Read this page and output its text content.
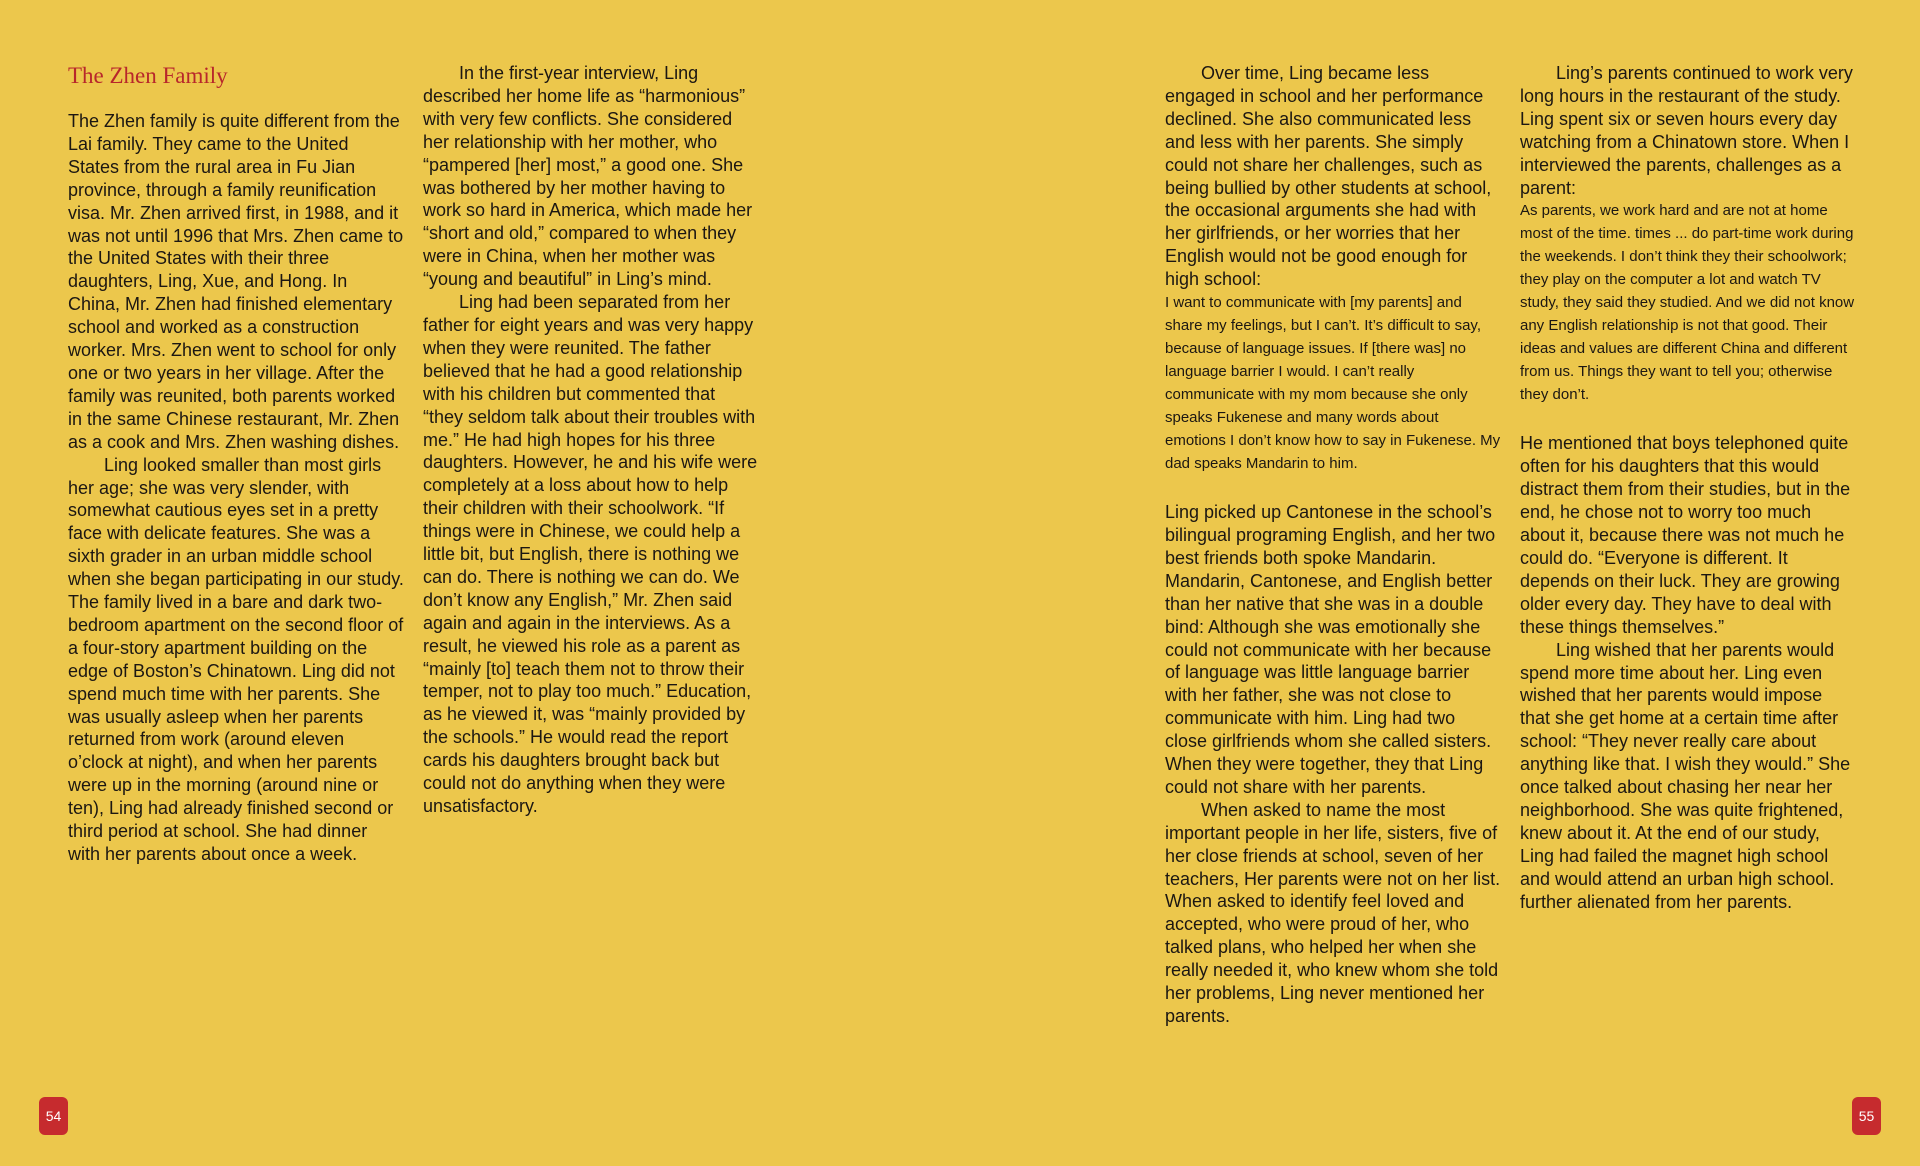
The Zhen Family

The Zhen family is quite different from the Lai family. They came to the United States from the rural area in Fu Jian province, through a family reunification visa. Mr. Zhen arrived first, in 1988, and it was not until 1996 that Mrs. Zhen came to the United States with their three daughters, Ling, Xue, and Hong. In China, Mr. Zhen had finished elementary school and worked as a construction worker. Mrs. Zhen went to school for only one or two years in her village. After the family was reunited, both parents worked in the same Chinese restaurant, Mr. Zhen as a cook and Mrs. Zhen washing dishes.

Ling looked smaller than most girls her age; she was very slender, with somewhat cautious eyes set in a pretty face with delicate features. She was a sixth grader in an urban middle school when she began participating in our study. The family lived in a bare and dark two-bedroom apartment on the second floor of a four-story apartment building on the edge of Boston’s Chinatown. Ling did not spend much time with her parents. She was usually asleep when her parents returned from work (around eleven o’clock at night), and when her parents were up in the morning (around nine or ten), Ling had already finished second or third period at school. She had dinner with her parents about once a week.

In the first-year interview, Ling described her home life as “harmonious” with very few conflicts. She considered her relationship with her mother, who “pampered [her] most,” a good one. She was bothered by her mother having to work so hard in America, which made her “short and old,” compared to when they were in China, when her mother was “young and beautiful” in Ling’s mind.

Ling had been separated from her father for eight years and was very happy when they were reunited. The father believed that he had a good relationship with his children but commented that “they seldom talk about their troubles with me.” He had high hopes for his three daughters. However, he and his wife were completely at a loss about how to help their children with their schoolwork. “If things were in Chinese, we could help a little bit, but English, there is nothing we can do. There is nothing we can do. We don’t know any English,” Mr. Zhen said again and again in the interviews. As a result, he viewed his role as a parent as “mainly [to] teach them not to throw their temper, not to play too much.” Education, as he viewed it, was “mainly provided by the schools.” He would read the report cards his daughters brought back but could not do anything when they were unsatisfactory.

Over time, Ling became less engaged in school and her performance declined. She also communicated less and less with her parents. She simply could not share her challenges, such as being bullied by other students at school, the occasional arguments she had with her girlfriends, or her worries that her English would not be good enough for high school:

I want to communicate with [my parents] and share my feelings, but I can’t. It’s difficult to say, because of language issues. If [there was] no language barrier I would. I can’t really communicate with my mom because she only speaks Fukenese and many words about emotions I don’t know how to say in Fukenese. My dad speaks Mandarin to him.

Ling picked up Cantonese in the school’s bilingual programing English, and her two best friends both spoke Mandarin. Mandarin, Cantonese, and English better than her native that she was in a double bind: Although she was emotionally she could not communicate with her because of language was little language barrier with her father, she was not close to communicate with him. Ling had two close girlfriends whom she called sisters. When they were together, they that Ling could not share with her parents.

When asked to name the most important people in her life, sisters, five of her close friends at school, seven of her teachers, Her parents were not on her list. When asked to identify feel loved and accepted, who were proud of her, who talked plans, who helped her when she really needed it, who knew whom she told her problems, Ling never mentioned her parents.

Ling’s parents continued to work very long hours in the restaurant of the study. Ling spent six or seven hours every day watching from a Chinatown store. When I interviewed the parents, challenges as a parent:

As parents, we work hard and are not at home most of the time. times ... do part-time work during the weekends. I don’t think they their schoolwork; they play on the computer a lot and watch TV study, they said they studied. And we did not know any English relationship is not that good. Their ideas and values are different China and different from us. Things they want to tell you; otherwise they don’t.

He mentioned that boys telephoned quite often for his daughters that this would distract them from their studies, but in the end, he chose not to worry too much about it, because there was not much he could do. “Everyone is different. It depends on their luck. They are growing older every day. They have to deal with these things themselves.”

Ling wished that her parents would spend more time about her. Ling even wished that her parents would impose that she get home at a certain time after school: “They never really care about anything like that. I wish they would.” She once talked about chasing her near her neighborhood. She was quite frightened, knew about it. At the end of our study, Ling had failed the magnet high school and would attend an urban high school. further alienated from her parents.

54	55
